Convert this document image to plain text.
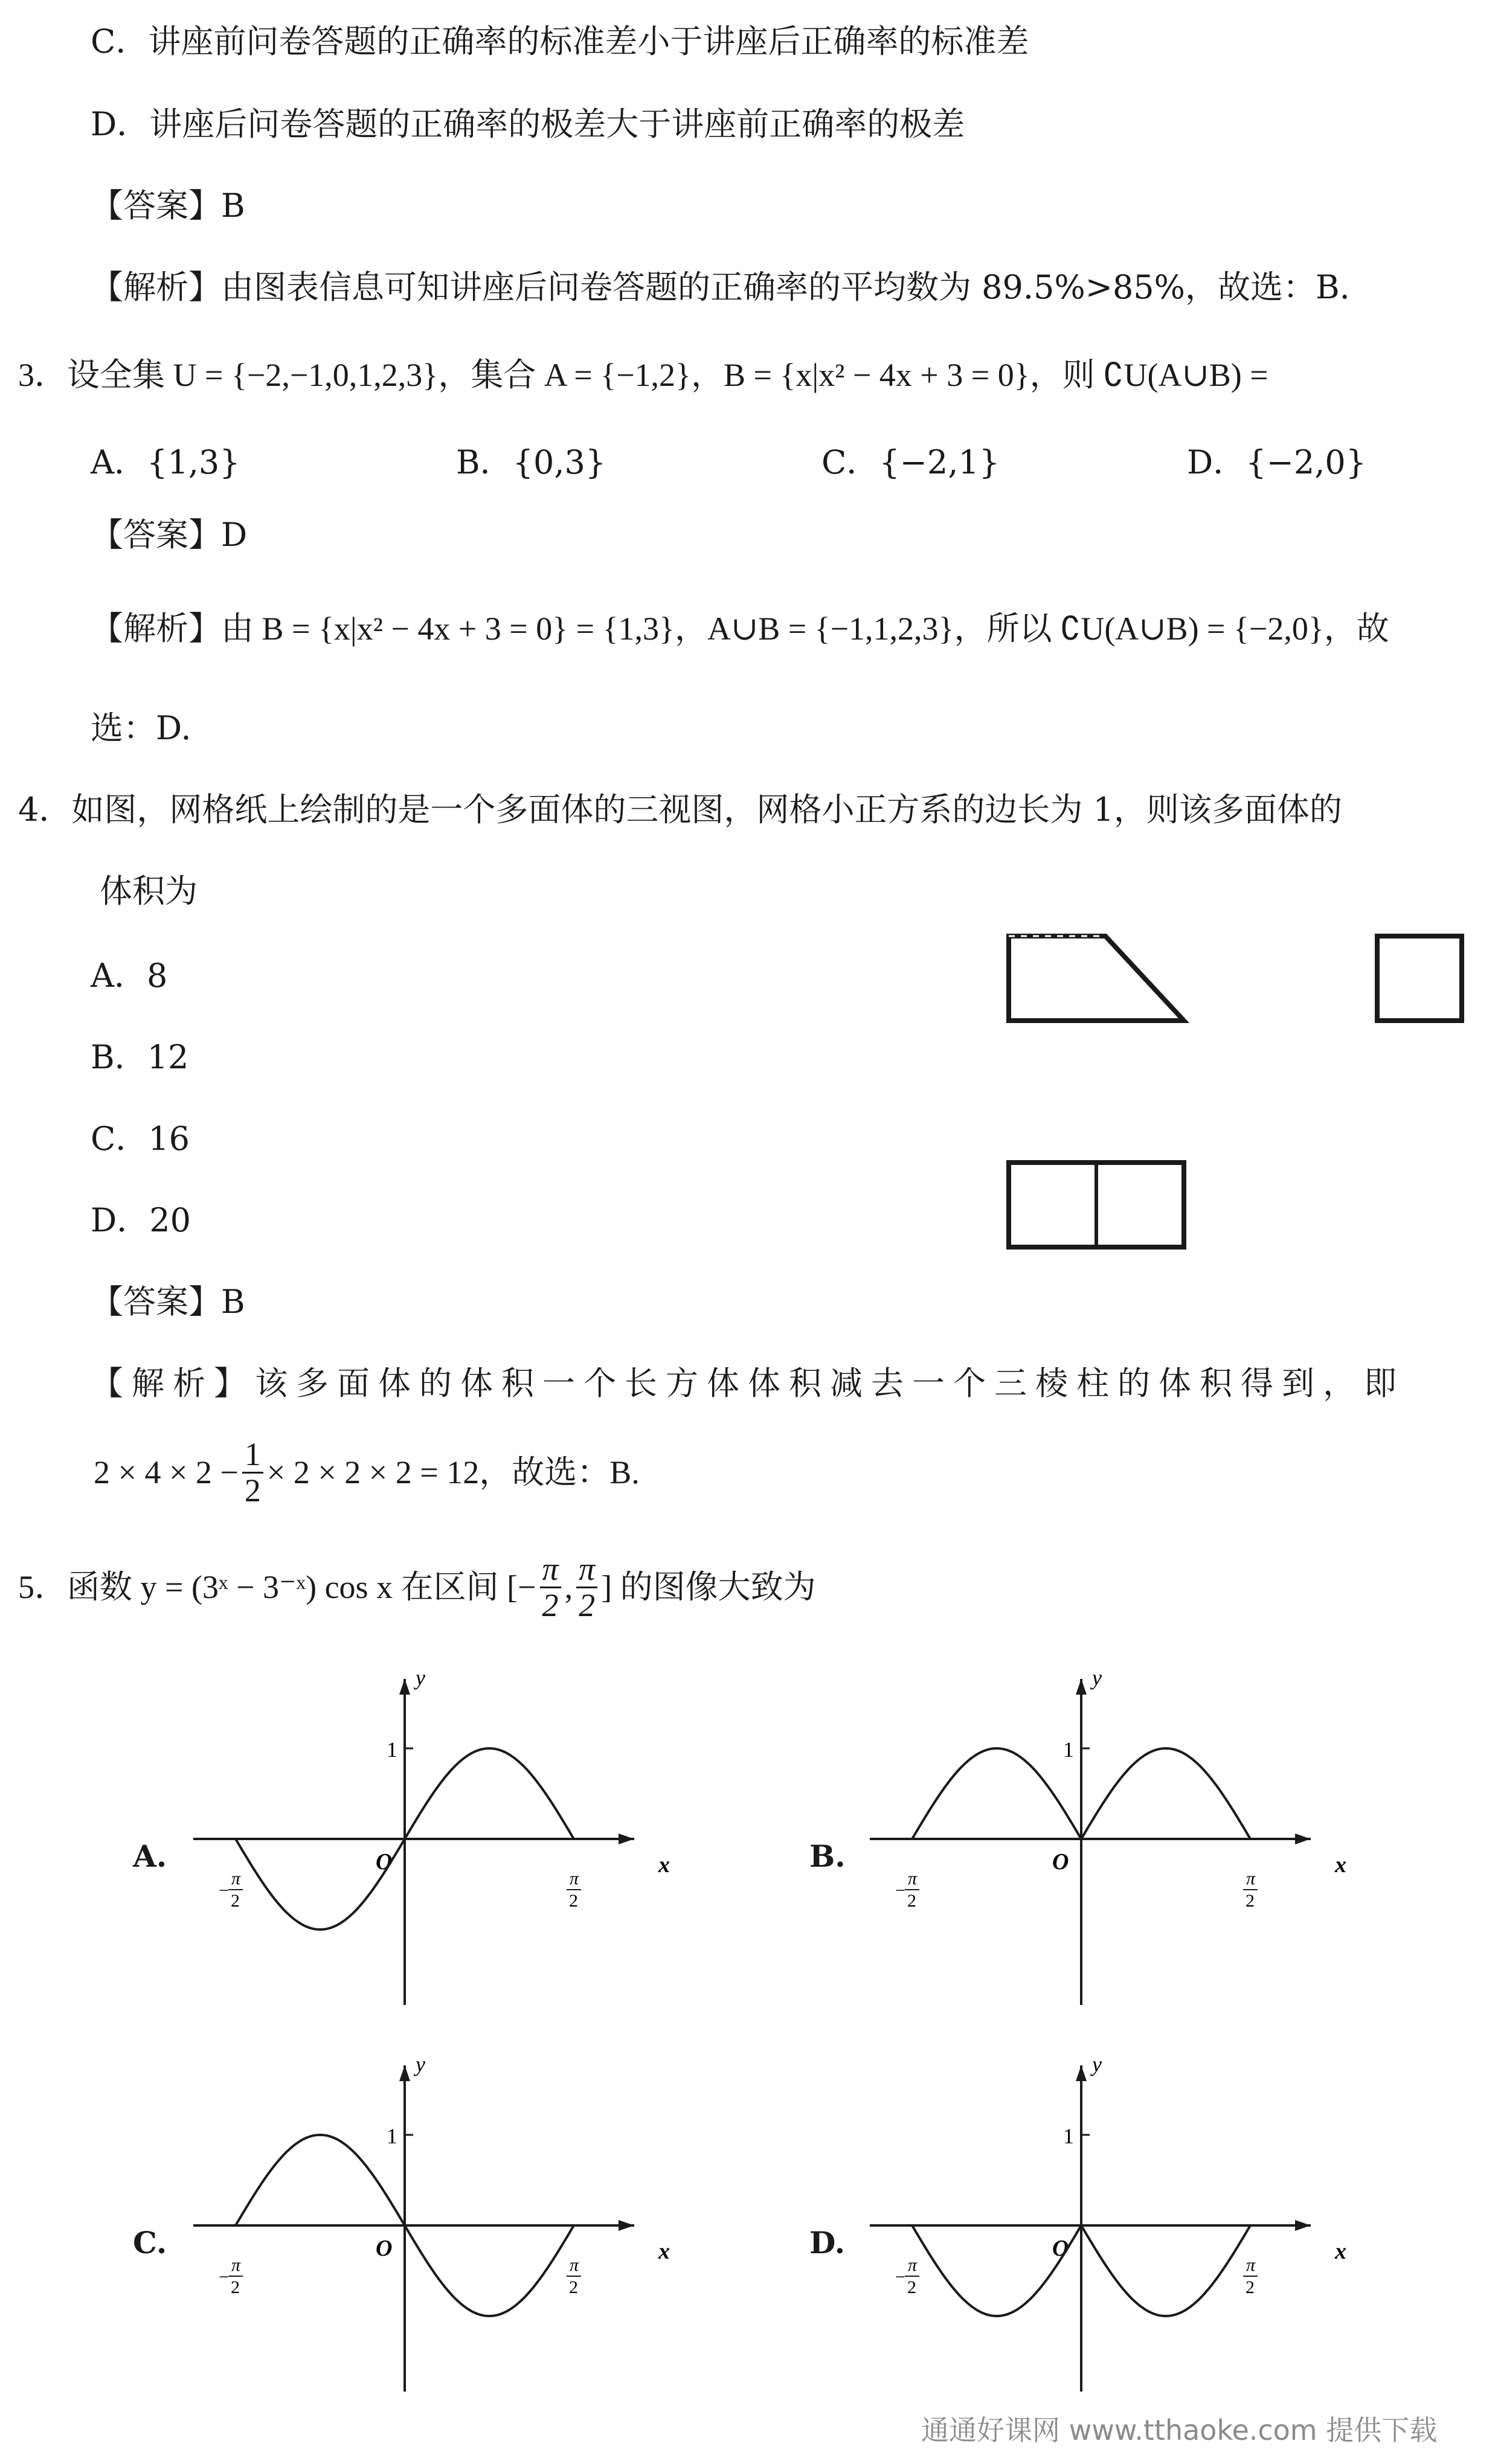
C．讲座前问卷答题的正确率的标准差小于讲座后正确率的标准差
D．讲座后问卷答题的正确率的极差大于讲座前正确率的极差
【答案】B
【解析】由图表信息可知讲座后问卷答题的正确率的平均数为 89.5%>85%，故选：B.
3．设全集 U = {−2,−1,0,1,2,3}，集合 A = {−1,2}，B = {x|x² − 4x + 3 = 0}，则 ∁U(A∪B) =
A．{1,3}	B．{0,3}	C．{−2,1}	D．{−2,0}
【答案】D
【解析】由 B = {x|x² − 4x + 3 = 0} = {1,3}，A∪B = {−1,1,2,3}，所以 ∁U(A∪B) = {−2,0}，故
选：D.
4．如图，网格纸上绘制的是一个多面体的三视图，网格小正方系的边长为 1，则该多面体的
体积为
A．8
B．12
C．16
D．20
【答案】B
【解析】该多面体的体积一个长方体体积减去一个三棱柱的体积得到，即
$2 \times 4 \times 2 - \frac{1}{2} \times 2 \times 2 \times 2 = 12$，故选：B.
5．函数 y = (3ˣ − 3⁻ˣ) cos x 在区间 [− $\frac{\pi}{2}$ , $\frac{\pi}{2}$ ] 的图像大致为
A.
1
x
y
O
−
π
2
π
2
B.
1
x
y
O
−
π
2
π
2
C.
1
x
y
O
−
π
2
π
2
D.
1
x
y
O
−
π
2
π
2
通通好课网 www.tthaoke.com 提供下载
